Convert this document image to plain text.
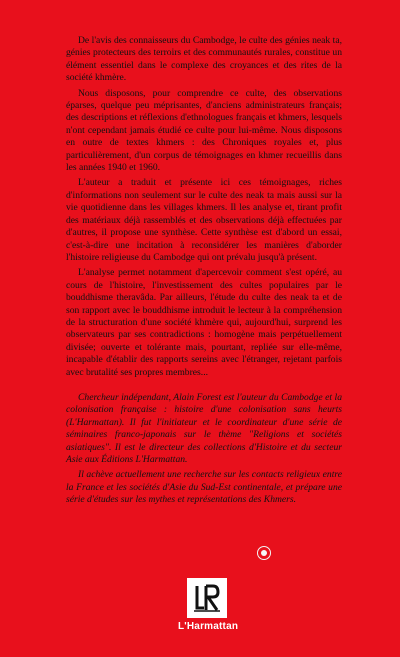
De l'avis des connaisseurs du Cambodge, le culte des génies neak ta, génies protecteurs des terroirs et des communautés rurales, constitue un élément essentiel dans le complexe des croyances et des rites de la société khmère.

Nous disposons, pour comprendre ce culte, des observations éparses, quelque peu méprisantes, d'anciens administrateurs français; des descriptions et réflexions d'ethnologues français et khmers, lesquels n'ont cependant jamais étudié ce culte pour lui-même. Nous disposons en outre de textes khmers : des Chroniques royales et, plus particulièrement, d'un corpus de témoignages en khmer recueillis dans les années 1940 et 1960.

L'auteur a traduit et présente ici ces témoignages, riches d'informations non seulement sur le culte des neak ta mais aussi sur la vie quotidienne dans les villages khmers. Il les analyse et, tirant profit des matériaux déjà rassemblés et des observations déjà effectuées par d'autres, il propose une synthèse. Cette synthèse est d'abord un essai, c'est-à-dire une incitation à reconsidérer les manières d'aborder l'histoire religieuse du Cambodge qui ont prévalu jusqu'à présent.

L'analyse permet notamment d'apercevoir comment s'est opéré, au cours de l'histoire, l'investissement des cultes populaires par le bouddhisme theravâda. Par ailleurs, l'étude du culte des neak ta et de son rapport avec le bouddhisme introduit le lecteur à la compréhension de la structuration d'une société khmère qui, aujourd'hui, surprend les observateurs par ses contradictions : homogène mais perpétuellement divisée; ouverte et tolérante mais, pourtant, repliée sur elle-même, incapable d'établir des rapports sereins avec l'étranger, rejetant parfois avec brutalité ses propres membres...

Chercheur indépendant, Alain Forest est l'auteur du Cambodge et la colonisation française : histoire d'une colonisation sans heurts (L'Harmattan). Il fut l'initiateur et le coordinateur d'une série de séminaires franco-japonais sur le thème "Religions et sociétés asiatiques". Il est le directeur des collections d'Histoire et du secteur Asie aux Éditions L'Harmattan.

Il achève actuellement une recherche sur les contacts religieux entre la France et les sociétés d'Asie du Sud-Est continentale, et prépare une série d'études sur les mythes et représentations des Khmers.

L'Harmattan
